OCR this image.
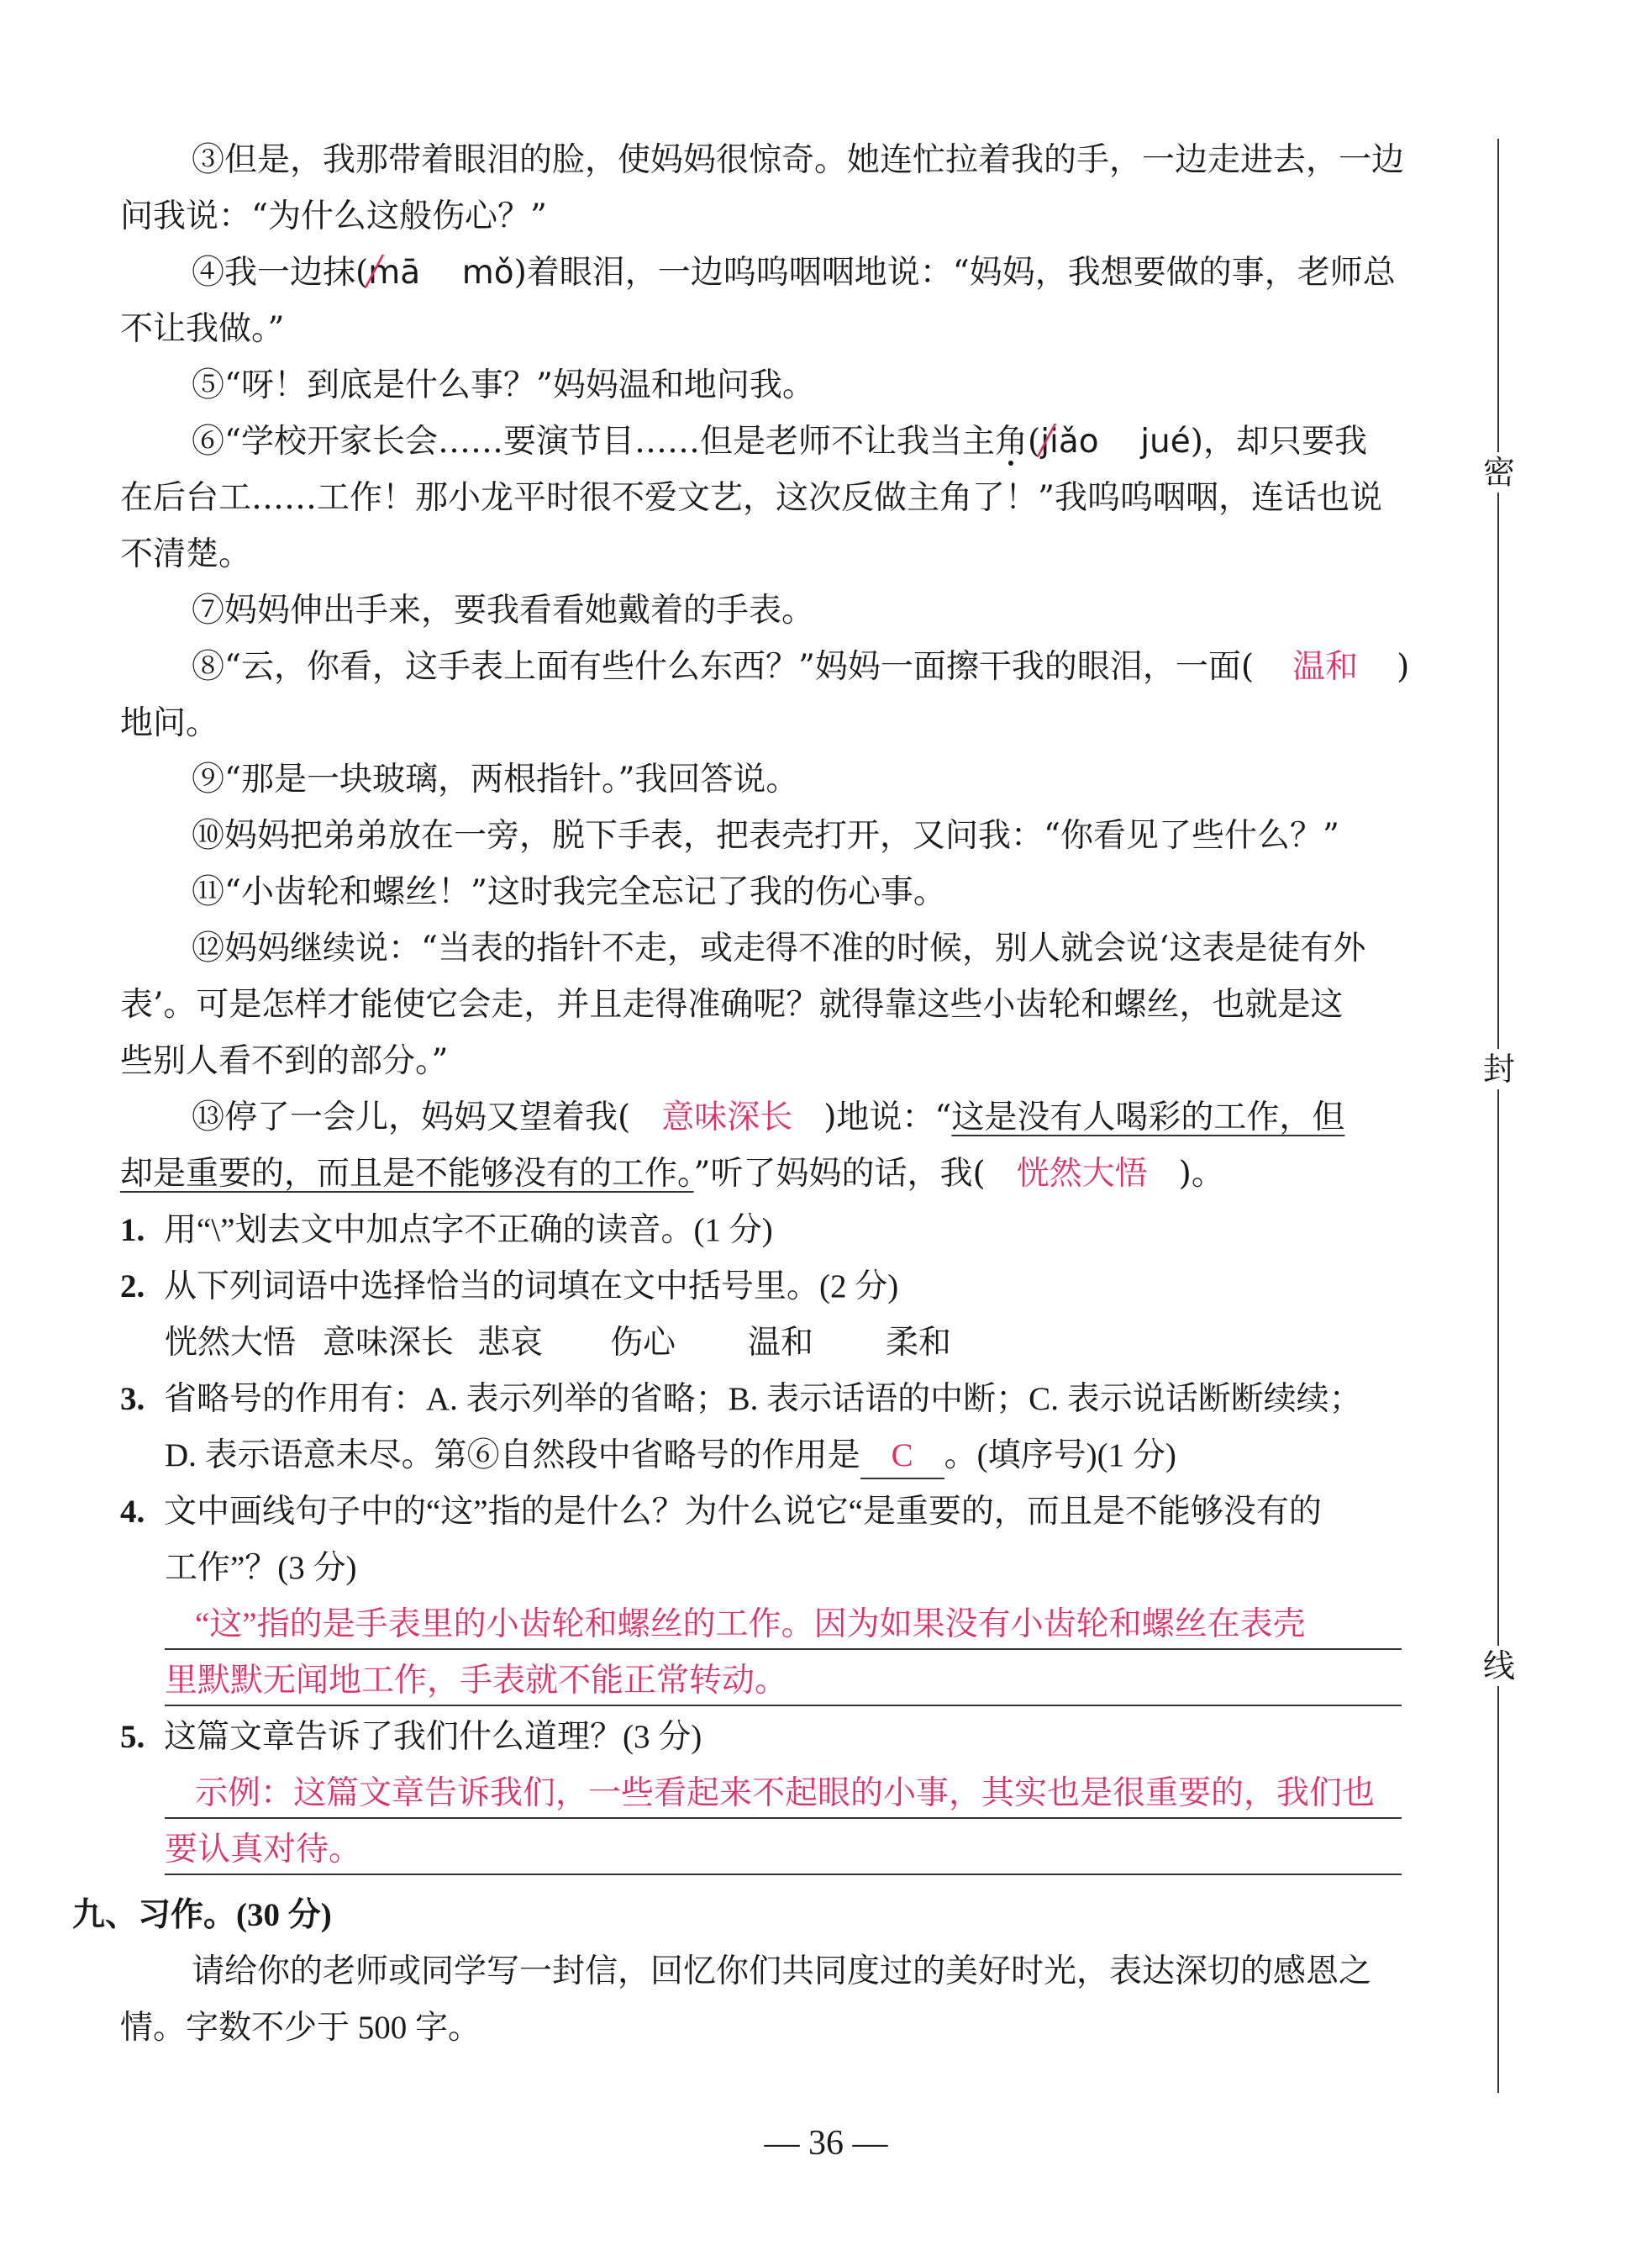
密
封
线
③但是，我那带着眼泪的脸，使妈妈很惊奇。她连忙拉着我的手，一边走进去，一边
问我说：“为什么这般伤心？”
④我一边抹(mā mǒ)着眼泪，一边呜呜咽咽地说：“妈妈，我想要做的事，老师总
不让我做。”
⑤“呀！到底是什么事？”妈妈温和地问我。
⑥“学校开家长会……要演节目……但是老师不让我当主角(jiǎo jué)，却只要我
在后台工……工作！那小龙平时很不爱文艺，这次反做主角了！”我呜呜咽咽，连话也说
不清楚。
⑦妈妈伸出手来，要我看看她戴着的手表。
⑧“云，你看，这手表上面有些什么东西？”妈妈一面擦干我的眼泪，一面( 温和 )
地问。
⑨“那是一块玻璃，两根指针。”我回答说。
⑩妈妈把弟弟放在一旁，脱下手表，把表壳打开，又问我：“你看见了些什么？”
⑪“小齿轮和螺丝！”这时我完全忘记了我的伤心事。
⑫妈妈继续说：“当表的指针不走，或走得不准的时候，别人就会说‘这表是徒有外
表’。可是怎样才能使它会走，并且走得准确呢？就得靠这些小齿轮和螺丝，也就是这
些别人看不到的部分。”
⑬停了一会儿，妈妈又望着我( 意味深长 )地说：“这是没有人喝彩的工作，但
却是重要的，而且是不能够没有的工作。”听了妈妈的话，我( 恍然大悟 )。
1. 用“\”划去文中加点字不正确的读音。(1 分)
2. 从下列词语中选择恰当的词填在文中括号里。(2 分)
恍然大悟 意味深长 悲哀 伤心 温和 柔和
3. 省略号的作用有：A. 表示列举的省略；B. 表示话语的中断；C. 表示说话断断续续；
D. 表示语意未尽。第⑥自然段中省略号的作用是 C 。(填序号)(1 分)
4. 文中画线句子中的“这”指的是什么？为什么说它“是重要的，而且是不能够没有的
工作”？(3 分)
“这”指的是手表里的小齿轮和螺丝的工作。因为如果没有小齿轮和螺丝在表壳
里默默无闻地工作，手表就不能正常转动。
5. 这篇文章告诉了我们什么道理？(3 分)
示例：这篇文章告诉我们，一些看起来不起眼的小事，其实也是很重要的，我们也
要认真对待。
九、习作。(30 分)
请给你的老师或同学写一封信，回忆你们共同度过的美好时光，表达深切的感恩之
情。字数不少于 500 字。
— 36 —
